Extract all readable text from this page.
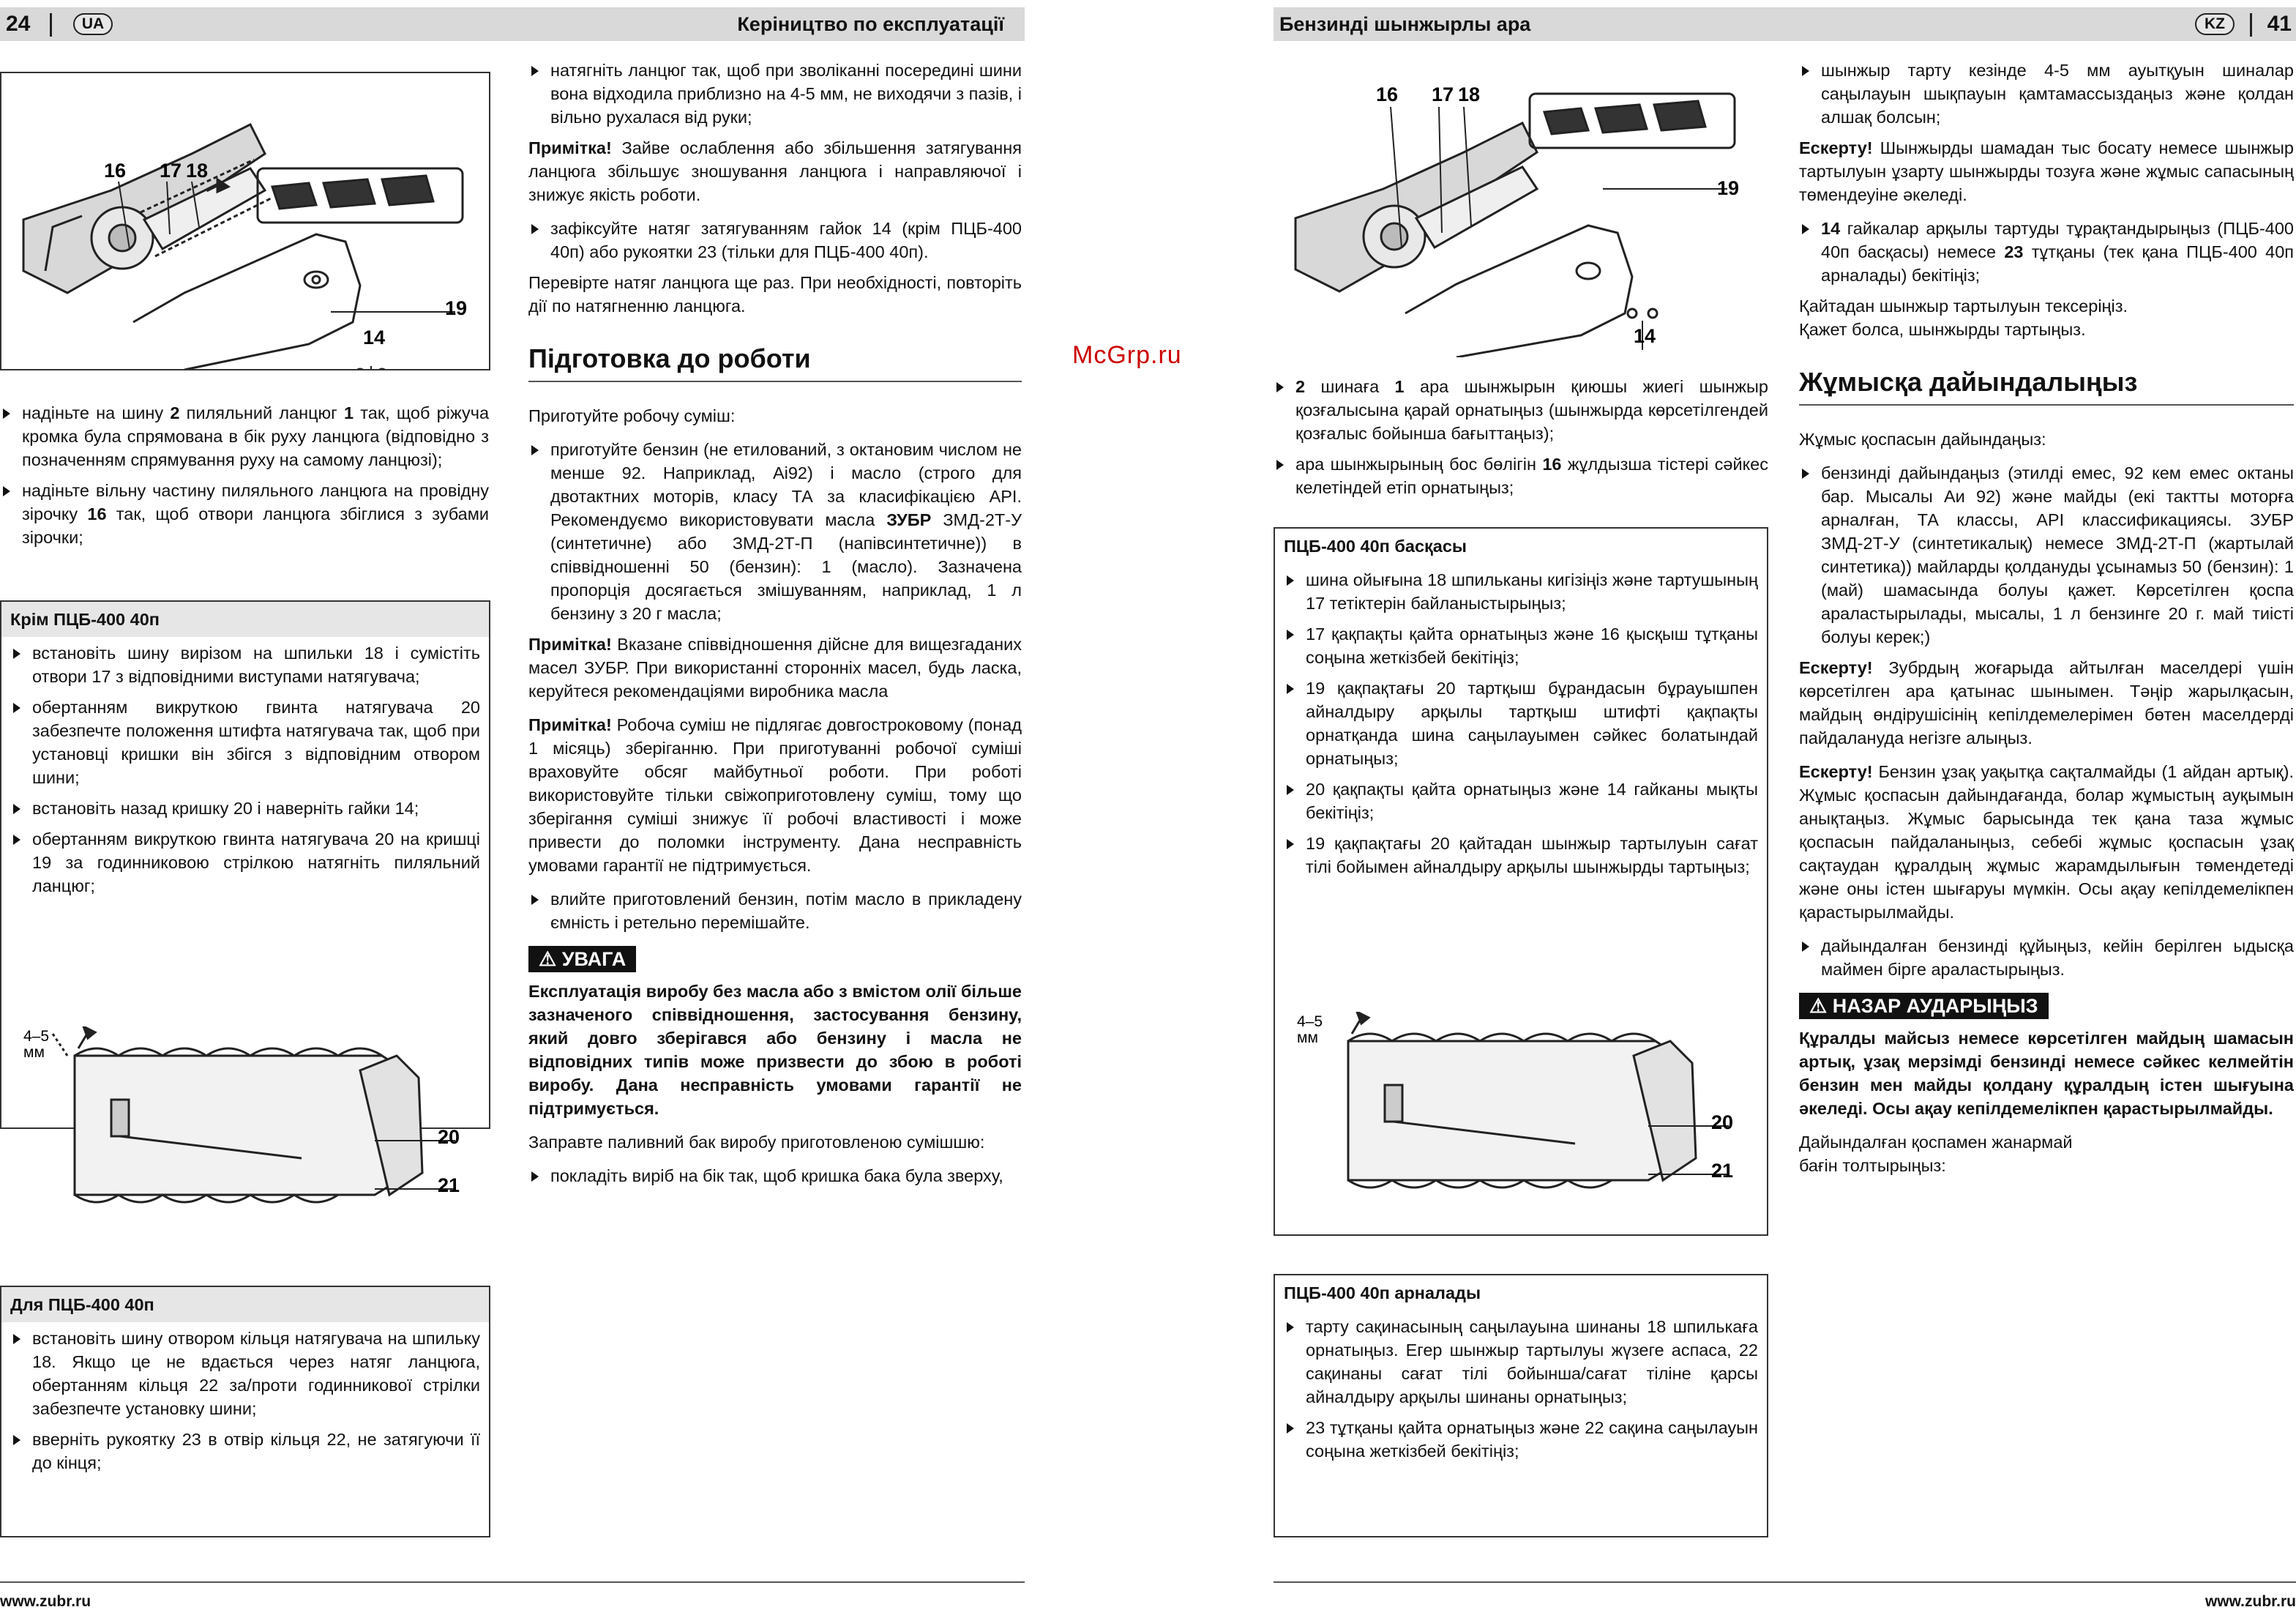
McGrp.ru
24	UA	Керіництво по експлуатації
16 17 18
19
14
надіньте на шину 2 пиляльний ланцюг 1 так, щоб ріжуча кромка була спрямована в бік руху ланцюга (відповідно з позначенням спрямування руху на самому ланцюзі);
надіньте вільну частину пиляльного ланцюга на провідну зірочку 16 так, щоб отвори ланцюга збіглися з зубами зірочки;
Крім ПЦБ-400 40п
встановіть шину вирізом на шпильки 18 і сумістіть отвори 17 з відповідними виступами натягувача;
обертанням викруткою гвинта натягувача 20 забезпечте положення штифта натягувача так, щоб при установці кришки він збігся з відповідним отвором шини;
встановіть назад кришку 20 і наверніть гайки 14;
обертанням викруткою гвинта натягувача 20 на кришці 19 за годинниковою стрілкою натягніть пиляльний ланцюг;
4–5
мм
20
21
Для ПЦБ-400 40п
встановіть шину отвором кільця натягувача на шпильку 18. Якщо це не вдається через натяг ланцюга, обертанням кільця 22 за/проти годинникової стрілки забезпечте установку шини;
вверніть рукоятку 23 в отвір кільця 22, не затягуючи її до кінця;
натягніть ланцюг так, щоб при зволіканні посередині шини вона відходила приблизно на 4-5 мм, не виходячи з пазів, і вільно рухалася від руки;

Примітка! Зайве ослаблення або збільшення затягування ланцюга збільшує зношування ланцюга і направляючої і знижує якість роботи.

зафіксуйте натяг затягуванням гайок 14 (крім ПЦБ-400 40п) або рукоятки 23 (тільки для ПЦБ-400 40п).

Перевірте натяг ланцюга ще раз. При необхідності, повторіть дії по натягненню ланцюга.

Підготовка до роботи

Приготуйте робочу суміш:

приготуйте бензин (не етилований, з октановим числом не менше 92. Наприклад, Аі92) і масло (строго для двотактних моторів, класу ТА за класифікацією API. Рекомендуємо використовувати масла ЗУБР ЗМД-2Т-У (синтетичне) або ЗМД-2Т-П (напівсинтетичне)) в співвідношенні 50 (бензин): 1 (масло). Зазначена пропорція досягається змішуванням, наприклад, 1 л бензину з 20 г масла;

Примітка! Вказане співвідношення дійсне для вищезгаданих масел ЗУБР. При використанні сторонніх масел, будь ласка, керуйтеся рекомендаціями виробника масла

Примітка! Робоча суміш не підлягає довгостроковому (понад 1 місяць) зберіганню. При приготуванні робочої суміші враховуйте обсяг майбутньої роботи. При роботі використовуйте тільки свіжоприготовлену суміш, тому що зберігання суміші знижує її робочі властивості і може привести до поломки інструменту. Дана несправність умовами гарантії не підтримується.

влийте приготовлений бензин, потім масло в прикладену ємність і ретельно перемішайте.
⚠ УВАГА

Експлуатація виробу без масла або з вмістом олії більше зазначеного співвідношення, застосування бензину, який довго зберігався або бензину і масла не відповідних типів може призвести до збою в роботі виробу. Дана несправність умовами гарантії не підтримується.

Заправте паливний бак виробу приготовленою сумішшю:

покладіть виріб на бік так, щоб кришка бака була зверху,
www.zubr.ru
Бензинді шынжырлы ара	KZ	41
16 17 18
19
14
2 шинаға 1 ара шынжырын қиюшы жиегі шынжыр қозғалысына қарай орнатыңыз (шынжырда көрсетілгендей қозғалыс бойынша бағыттаңыз);
ара шынжырының бос бөлігін 16 жұлдызша тістері сәйкес келетіндей етіп орнатыңыз;
ПЦБ-400 40п басқасы
шина ойығына 18 шпильканы кигізіңіз және тартушының 17 тетіктерін байланыстырыңыз;
17 қақпақты қайта орнатыңыз және 16 қысқыш тұтқаны соңына жеткізбей бекітіңіз;
19 қақпақтағы 20 тартқыш бұрандасын бұрауышпен айналдыру арқылы тартқыш штифті қақпақты орнатқанда шина саңылауымен сәйкес болатындай орнатыңыз;
20 қақпақты қайта орнатыңыз және 14 гайканы мықты бекітіңіз;
19 қақпақтағы 20 қайтадан шынжыр тартылуын сағат тілі бойымен айналдыру арқылы шынжырды тартыңыз;
4–5
мм
20
21
ПЦБ-400 40п арналады
тарту сақинасының саңылауына шинаны 18 шпилькаға орнатыңыз. Егер шынжыр тартылуы жүзеге аспаса, 22 сақинаны сағат тілі бойынша/сағат тіліне қарсы айналдыру арқылы шинаны орнатыңыз;
23 тұтқаны қайта орнатыңыз және 22 сақина саңылауын соңына жеткізбей бекітіңіз;
шынжыр тарту кезінде 4-5 мм ауытқуын шиналар саңылауын шықпауын қамтамассыздаңыз және қолдан алшақ болсын;

Ескерту! Шынжырды шамадан тыс босату немесе шынжыр тартылуын ұзарту шынжырды тозуға және жұмыс сапасының төмендеуіне әкеледі.

14 гайкалар арқылы тартуды тұрақтандырыңыз (ПЦБ-400 40п басқасы) немесе 23 тұтқаны (тек қана ПЦБ-400 40п арналады) бекітіңіз;

Қайтадан шынжыр тартылуын тексеріңіз.

Қажет болса, шынжырды тартыңыз.

Жұмысқа дайындалыңыз

Жұмыс қоспасын дайындаңыз:

бензинді дайындаңыз (этилді емес, 92 кем емес октаны бар. Мысалы Аи 92) және майды (екі тактты моторға арналған, ТА классы, API классификациясы. ЗУБР ЗМД-2Т-У (синтетикалық) немесе ЗМД-2Т-П (жартылай синтетика)) майларды қолдануды ұсынамыз 50 (бензин): 1 (май) шамасында болуы қажет. Көрсетілген қоспа араластырылады, мысалы, 1 л бензинге 20 г. май тиісті болуы керек;)

Ескерту! Зубрдың жоғарыда айтылған маселдері үшін көрсетілген ара қатынас шынымен. Тәңір жарылқасын, майдың өндірушісінің кепілдемелерімен бөтен маселдерді пайдалануда негізге алыңыз.

Ескерту! Бензин ұзақ уақытқа сақталмайды (1 айдан артық). Жұмыс қоспасын дайындағанда, болар жұмыстың ауқымын анықтаңыз. Жұмыс барысында тек қана таза жұмыс қоспасын пайдаланыңыз, себебі жұмыс қоспасын ұзақ сақтаудан құралдың жұмыс жарамдылығын төмендетеді және оны істен шығаруы мүмкін. Осы ақау кепілдемелікпен қарастырылмайды.

дайындалған бензинді құйыңыз, кейін берілген ыдысқа маймен бірге араластырыңыз.
⚠ НАЗАР АУДАРЫҢЫЗ

Құралды майсыз немесе көрсетілген майдың шамасын артық, ұзақ мерзімді бензинді немесе сәйкес келмейтін бензин мен майды қолдану құралдың істен шығуына әкеледі. Осы ақау кепілдемелікпен қарастырылмайды.

Дайындалған қоспамен жанармай

бағін толтырыңыз:

www.zubr.ru
